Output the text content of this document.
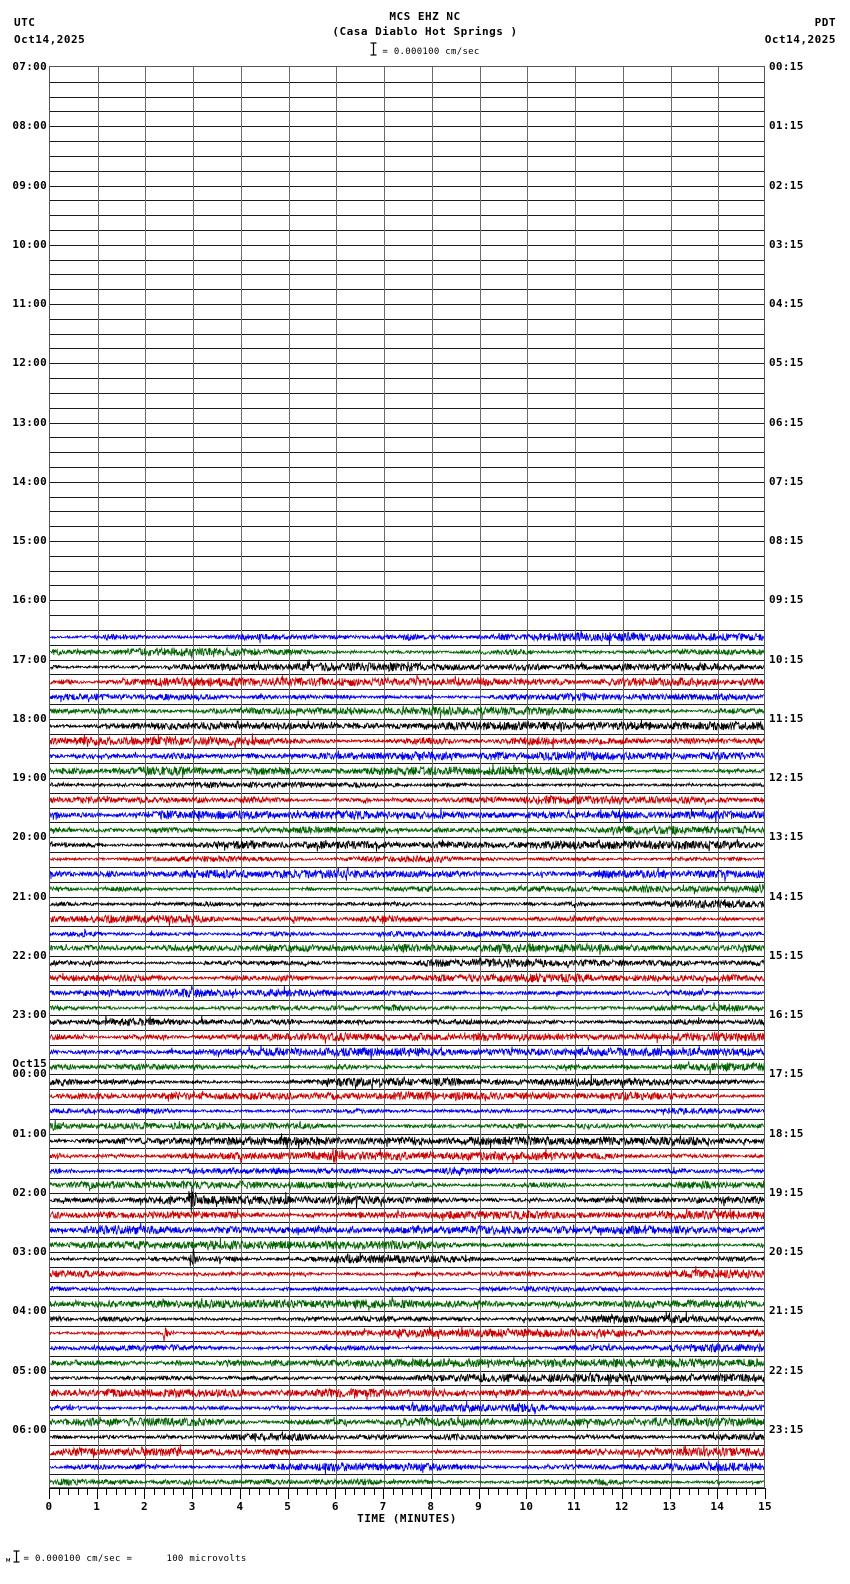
UTC
Oct14,2025
PDT
Oct14,2025
MCS EHZ NC
(Casa Diablo Hot Springs )
= 0.000100 cm/sec
07:00
08:00
09:00
10:00
11:00
12:00
13:00
14:00
15:00
16:00
17:00
18:00
19:00
20:00
21:00
22:00
23:00
Oct15
00:00
01:00
02:00
03:00
04:00
05:00
06:00
00:15
01:15
02:15
03:15
04:15
05:15
06:15
07:15
08:15
09:15
10:15
11:15
12:15
13:15
14:15
15:15
16:15
17:15
18:15
19:15
20:15
21:15
22:15
23:15
0	1	2	3	4	5	6	7	8	9	10	11	12	13	14	15
TIME (MINUTES)
м = 0.000100 cm/sec =      100 microvolts
